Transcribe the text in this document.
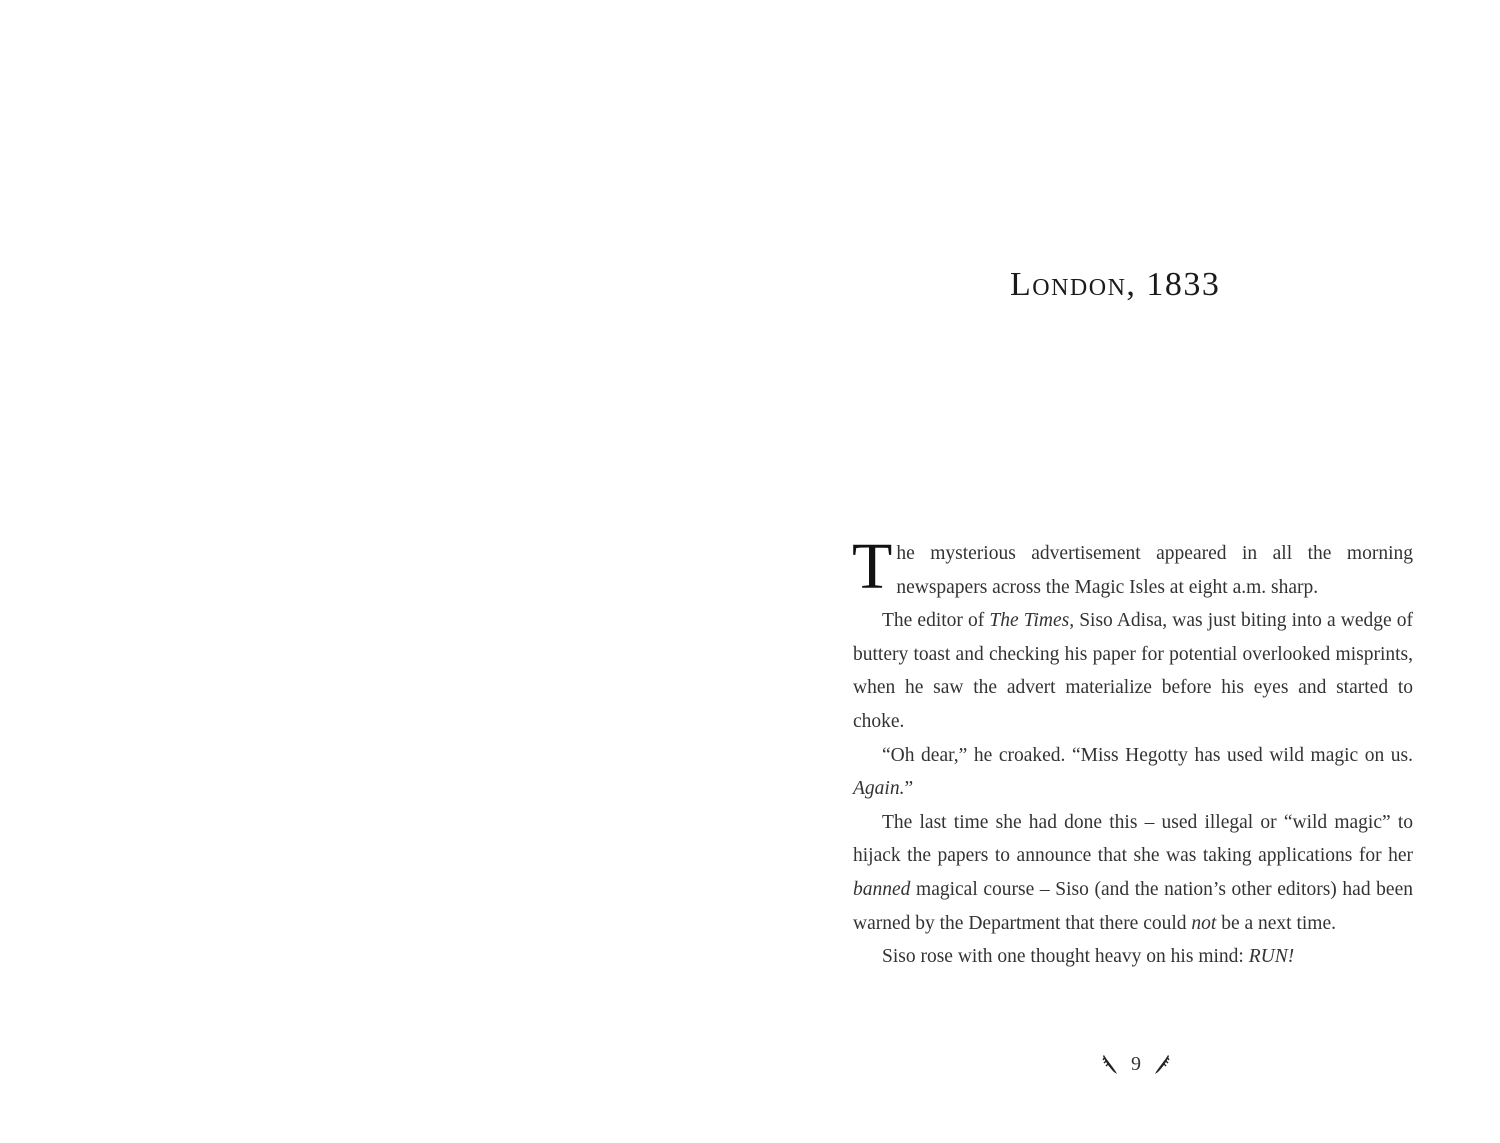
London, 1833

The mysterious advertisement appeared in all the morning newspapers across the Magic Isles at eight a.m. sharp.

The editor of The Times, Siso Adisa, was just biting into a wedge of buttery toast and checking his paper for potential overlooked misprints, when he saw the advert materialize before his eyes and started to choke.

“Oh dear,” he croaked. “Miss Hegotty has used wild magic on us. Again.”

The last time she had done this – used illegal or “wild magic” to hijack the papers to announce that she was taking applications for her banned magical course – Siso (and the nation’s other editors) had been warned by the Department that there could not be a next time.

Siso rose with one thought heavy on his mind: RUN!

9
